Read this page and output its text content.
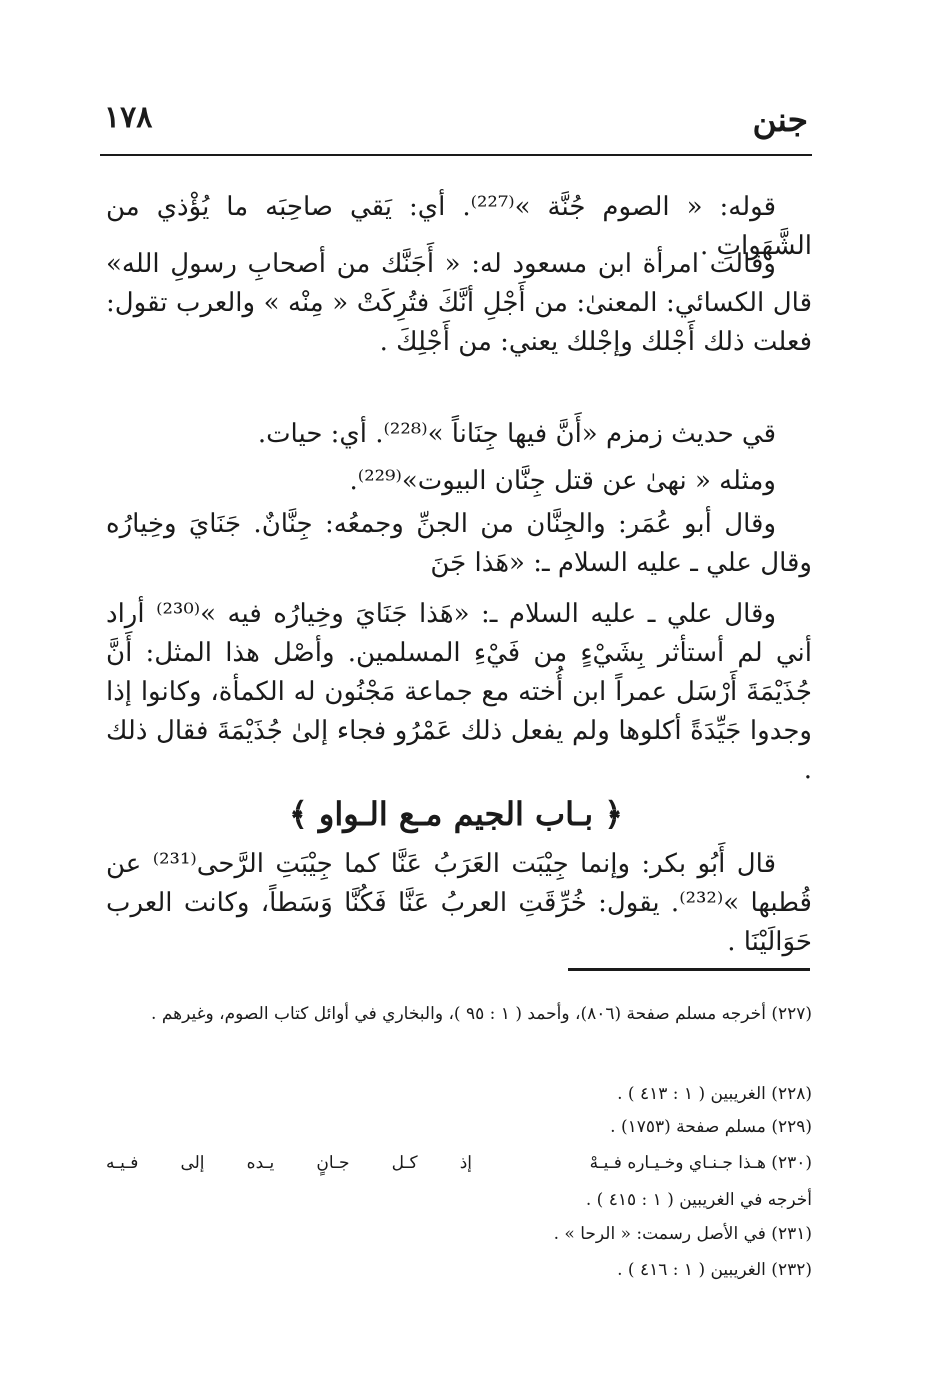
جنن
١٧٨

قوله: « الصوم جُنَّة »⁽²²⁷⁾. أي: يَقي صاحِبَه ما يُؤْذي من الشَّهَواتِ .

وقالت امرأة ابن مسعود له: « أَجَنَّك من أصحابِ رسولِ الله» قال الكسائي: المعنىٰ: من أَجْلِ أنَّكَ فتُرِكَتْ « مِنْه » والعرب تقول: فعلت ذلك أَجْلك وإجْلك يعني: من أَجْلِكَ .

قي حديث زمزم «أَنَّ فيها جِنَاناً »⁽²²⁸⁾. أي: حيات.

ومثله « نهىٰ عن قتل جِنَّان البيوت»⁽²²⁹⁾.

وقال أبو عُمَر: والجِنَّان من الجنِّ وجمعُه: جِنَّانٌ. جَنَايَ وخِيارُه وقال علي ـ عليه السلام ـ: «هَذا جَنَ

وقال علي ـ عليه السلام ـ: «هَذا جَنَايَ وخِيارُه فيه »⁽²³⁰⁾ أراد أني لم أستأثر بِشَيْءٍ من فَيْءِ المسلمين. وأصْل هذا المثل: أَنَّ جُذَيْمَةَ أَرْسَل عمراً ابن أُخته مع جماعة مَجْنُون له الكمأة، وكانوا إذا وجدوا جَيِّدَةً أكلوها ولم يفعل ذلك عَمْرُو فجاء إلىٰ جُذَيْمَةَ فقال ذلك .

﴿ بـاب الجيم مـع الـواو ﴾

قال أَبُو بكر: وإنما جِيْبَت العَرَبُ عَنَّا كما جِيْبَتِ الرَّحى⁽²³¹⁾ عن قُطبها »⁽²³²⁾. يقول: خُرِّقَتِ العربُ عَنَّا فَكُنَّا وَسَطاً، وكانت العرب حَوَالَيْنَا .

(٢٢٧) أخرجه مسلم صفحة (٨٠٦)، وأحمد ( ١ : ٩٥ )، والبخاري في أوائل كتاب الصوم، وغيرهم .

(٢٢٨) الغريبين ( ١ : ٤١٣ ) .

(٢٢٩) مسلم صفحة (١٧٥٣) .

(٢٣٠) هـذا جـنـاي وخـيـاره فـيـهْ
إذ كـل جـانٍ يـده إلى فـيـه

أخرجه في الغريبين ( ١ : ٤١٥ ) .

(٢٣١) في الأصل رسمت: « الرحا » .

(٢٣٢) الغريبين ( ١ : ٤١٦ ) .
